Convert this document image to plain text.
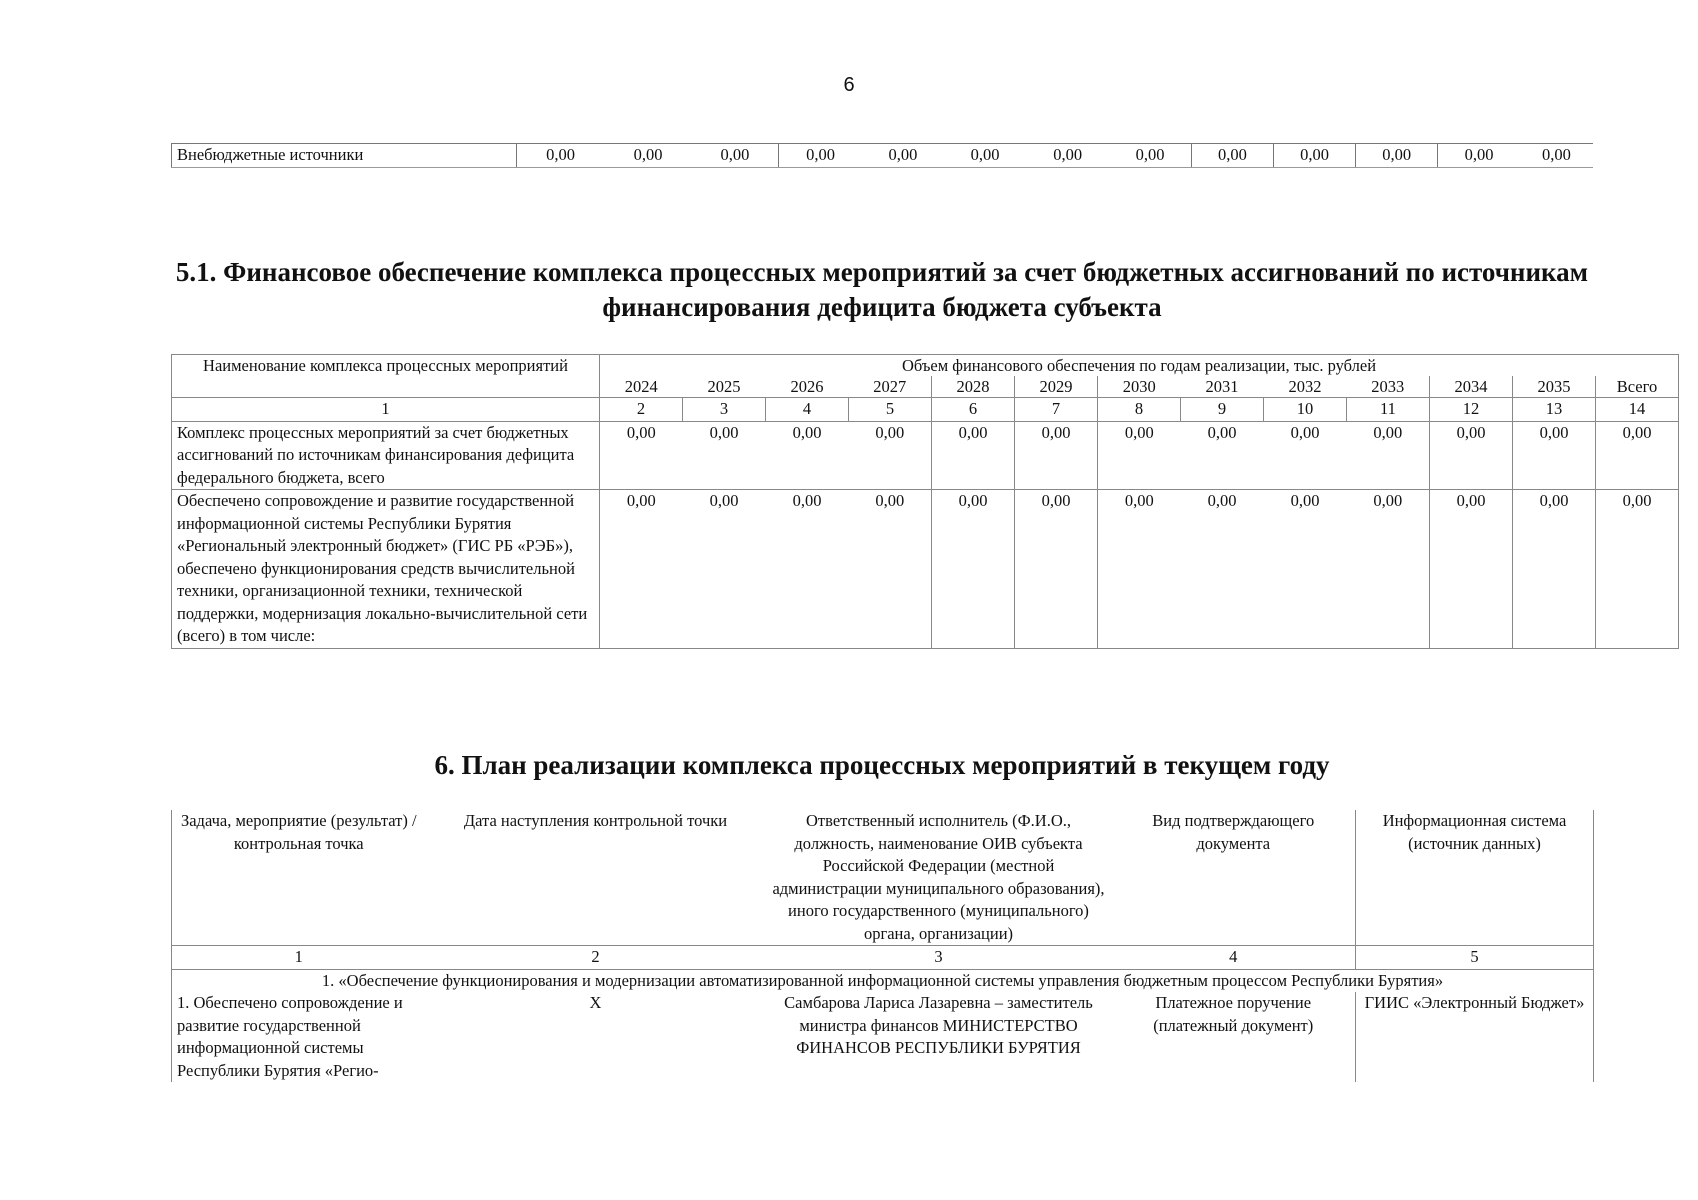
6
Внебюджетные источники	0,00	0,00	0,00	0,00	0,00	0,00	0,00	0,00	0,00	0,00	0,00	0,00	0,00
5.1. Финансовое обеспечение комплекса процессных мероприятий за счет бюджетных ассигнований по источникам финансирования дефицита бюджета субъекта
Наименование комплекса процессных мероприятий	Объем финансового обеспечения по годам реализации, тыс. рублей												
	2024	2025	2026	2027	2028	2029	2030	2031	2032	2033	2034	2035	Всего
1	2	3	4	5	6	7	8	9	10	11	12	13	14
Комплекс процессных мероприятий за счет бюджетных ассигнований по источникам финансирования дефицита федерального бюджета, всего	0,00	0,00	0,00	0,00	0,00	0,00	0,00	0,00	0,00	0,00	0,00	0,00	0,00
Обеспечено сопровождение и развитие государственной информационной системы Республики Бурятия «Региональный электронный бюджет» (ГИС РБ «РЭБ»), обеспечено функционирования средств вычислительной техники, организационной техники, технической поддержки, модернизация локально-вычислительной сети (всего) в том числе:	0,00	0,00	0,00	0,00	0,00	0,00	0,00	0,00	0,00	0,00	0,00	0,00	0,00
6. План реализации комплекса процессных мероприятий в текущем году
Задача, мероприятие (результат) / контрольная точка	Дата наступления контрольной точки	Ответственный исполнитель (Ф.И.О., должность, наименование ОИВ субъекта Российской Федерации (местной администрации муниципального образования), иного государственного (муниципального) органа, организации)	Вид подтверждающего документа	Информационная система (источник данных)
1	2	3	4	5
1. «Обеспечение функционирования и модернизации автоматизированной информационной системы управления бюджетным процессом Республики Бурятия»				
1. Обеспечено сопровождение и развитие государственной информационной системы Республики Бурятия «Регио-	Х	Самбарова Лариса Лазаревна – заместитель министра финансов МИНИСТЕРСТВО ФИНАНСОВ РЕСПУБЛИКИ БУРЯТИЯ	Платежное поручение (платежный документ)	ГИИС «Электронный Бюджет»
